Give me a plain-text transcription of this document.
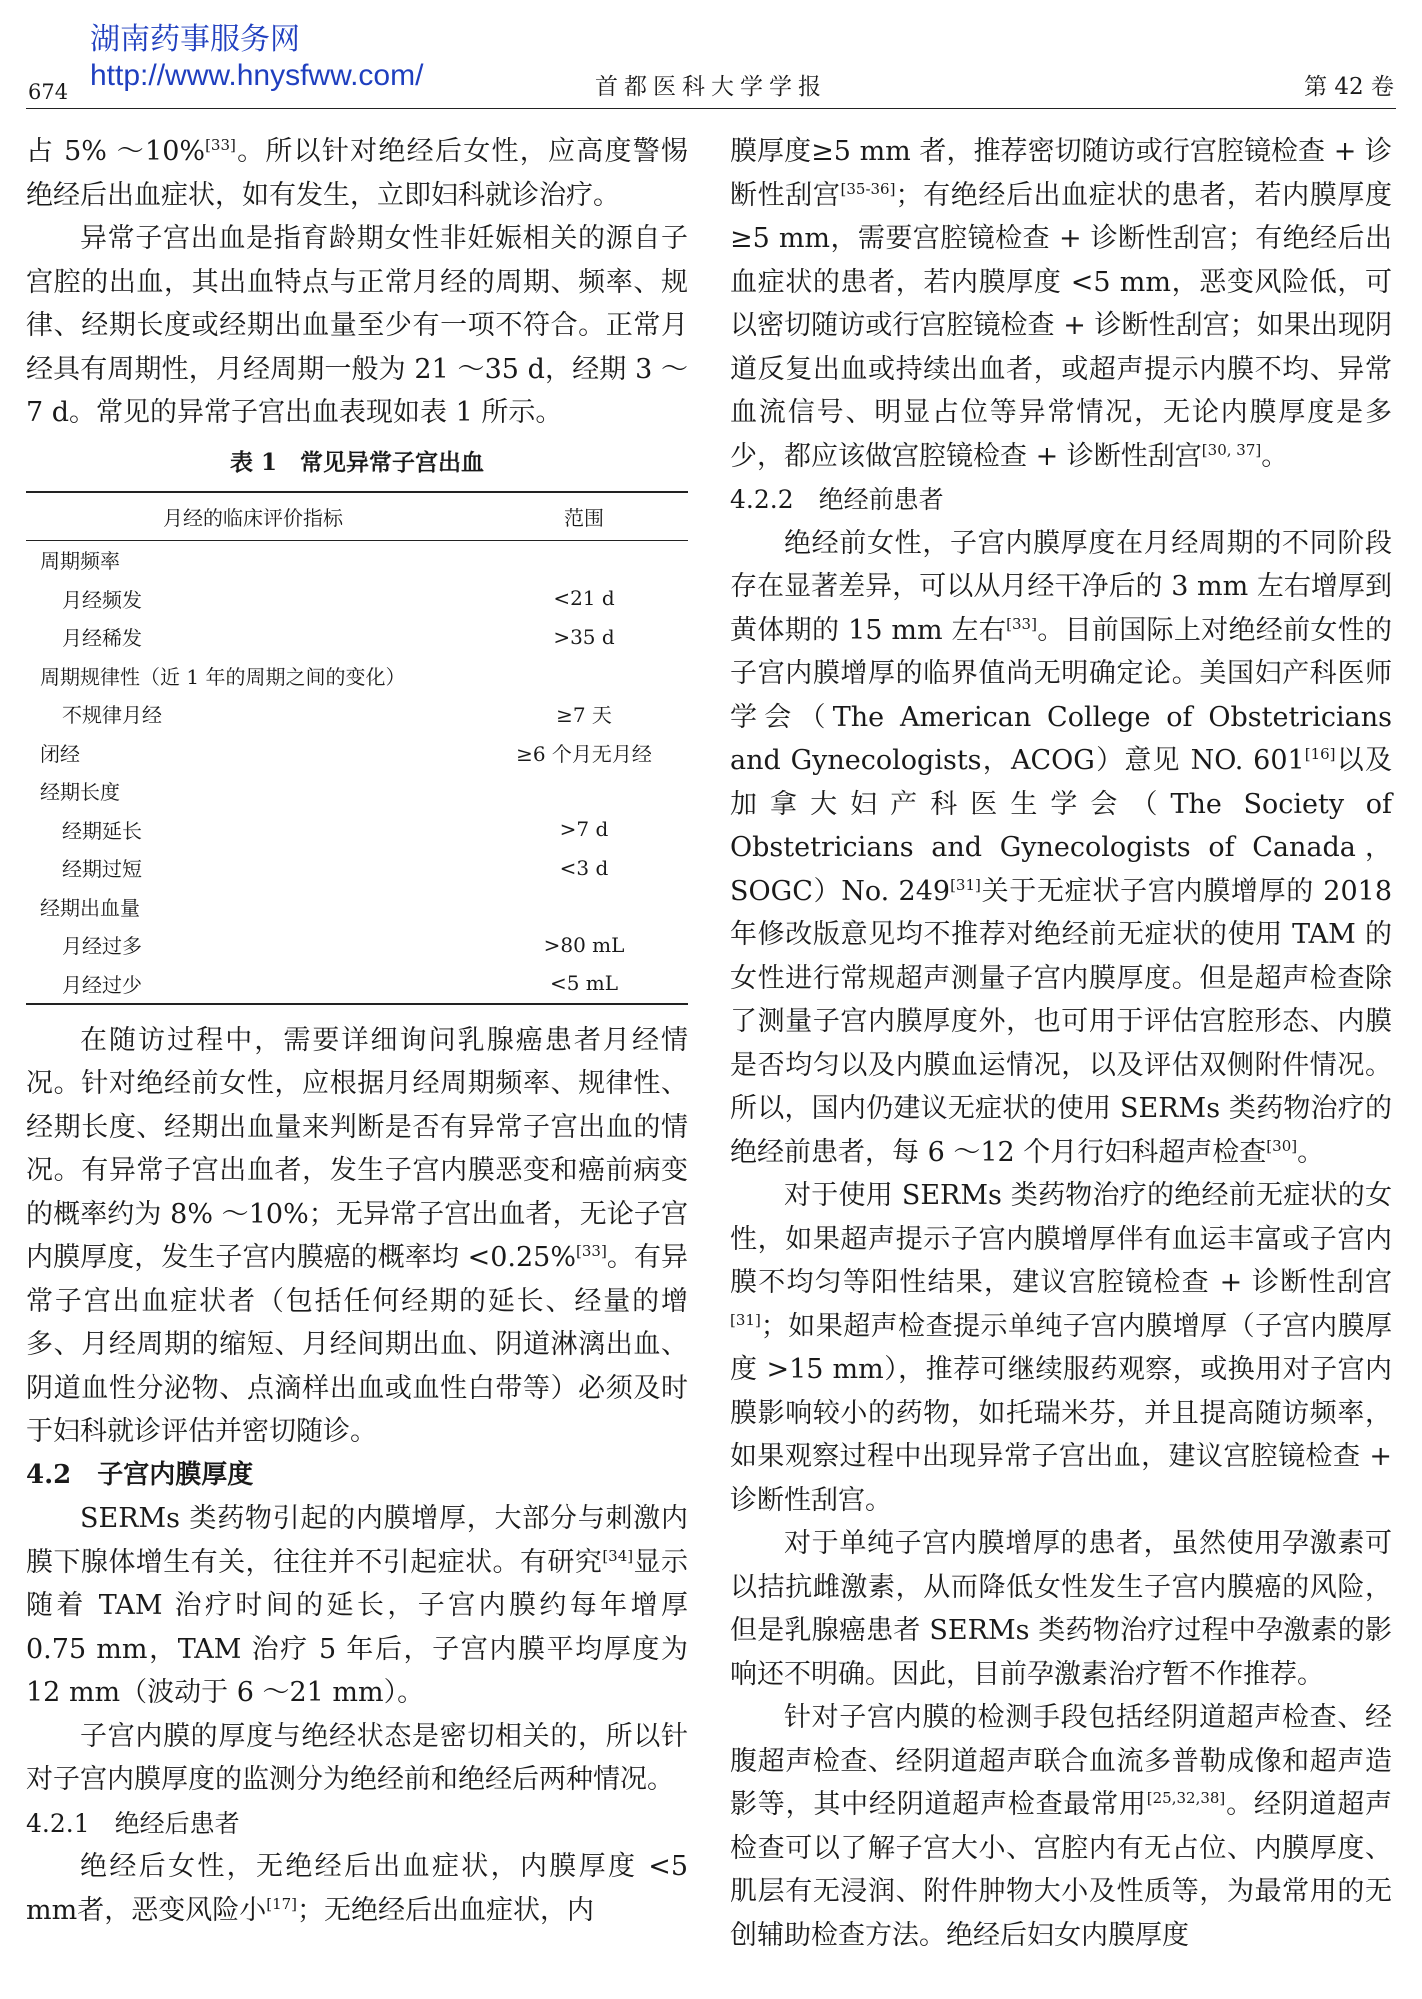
湖南药事服务网
http://www.hnysfww.com/
674	首都医科大学学报	第 42 卷

占 5% ～10%[33]。所以针对绝经后女性，应高度警惕绝经后出血症状，如有发生，立即妇科就诊治疗。

异常子宫出血是指育龄期女性非妊娠相关的源自子宫腔的出血，其出血特点与正常月经的周期、频率、规律、经期长度或经期出血量至少有一项不符合。正常月经具有周期性，月经周期一般为 21 ～35 d，经期 3 ～7 d。常见的异常子宫出血表现如表 1 所示。

表 1　常见异常子宫出血
月经的临床评价指标	范围
周期频率	
月经频发	<21 d
月经稀发	>35 d
周期规律性（近 1 年的周期之间的变化）	
不规律月经	≥7 天
闭经	≥6 个月无月经
经期长度	
经期延长	>7 d
经期过短	<3 d
经期出血量	
月经过多	>80 mL
月经过少	<5 mL

在随访过程中，需要详细询问乳腺癌患者月经情况。针对绝经前女性，应根据月经周期频率、规律性、经期长度、经期出血量来判断是否有异常子宫出血的情况。有异常子宫出血者，发生子宫内膜恶变和癌前病变的概率约为 8% ～10%；无异常子宫出血者，无论子宫内膜厚度，发生子宫内膜癌的概率均 <0.25%[33]。有异常子宫出血症状者（包括任何经期的延长、经量的增多、月经周期的缩短、月经间期出血、阴道淋漓出血、阴道血性分泌物、点滴样出血或血性白带等）必须及时于妇科就诊评估并密切随诊。

4.2　子宫内膜厚度

SERMs 类药物引起的内膜增厚，大部分与刺激内膜下腺体增生有关，往往并不引起症状。有研究[34]显示随着 TAM 治疗时间的延长，子宫内膜约每年增厚 0.75 mm，TAM 治疗 5 年后，子宫内膜平均厚度为 12 mm（波动于 6 ～21 mm）。

子宫内膜的厚度与绝经状态是密切相关的，所以针对子宫内膜厚度的监测分为绝经前和绝经后两种情况。

4.2.1　绝经后患者

绝经后女性，无绝经后出血症状，内膜厚度 <5 mm者，恶变风险小[17]；无绝经后出血症状，内

膜厚度≥5 mm 者，推荐密切随访或行宫腔镜检查 + 诊断性刮宫[35-36]；有绝经后出血症状的患者，若内膜厚度≥5 mm，需要宫腔镜检查 + 诊断性刮宫；有绝经后出血症状的患者，若内膜厚度 <5 mm，恶变风险低，可以密切随访或行宫腔镜检查 + 诊断性刮宫；如果出现阴道反复出血或持续出血者，或超声提示内膜不均、异常血流信号、明显占位等异常情况，无论内膜厚度是多少，都应该做宫腔镜检查 + 诊断性刮宫[30, 37]。

4.2.2　绝经前患者

绝经前女性，子宫内膜厚度在月经周期的不同阶段存在显著差异，可以从月经干净后的 3 mm 左右增厚到黄体期的 15 mm 左右[33]。目前国际上对绝经前女性的子宫内膜增厚的临界值尚无明确定论。美国妇产科医师学会（The American College of Obstetricians and Gynecologists，ACOG）意见 NO. 601[16]以及加拿大妇产科医生学会（The Society of Obstetricians and Gynecologists of Canada，SOGC）No. 249[31]关于无症状子宫内膜增厚的 2018 年修改版意见均不推荐对绝经前无症状的使用 TAM 的女性进行常规超声测量子宫内膜厚度。但是超声检查除了测量子宫内膜厚度外，也可用于评估宫腔形态、内膜是否均匀以及内膜血运情况，以及评估双侧附件情况。所以，国内仍建议无症状的使用 SERMs 类药物治疗的绝经前患者，每 6 ～12 个月行妇科超声检查[30]。

对于使用 SERMs 类药物治疗的绝经前无症状的女性，如果超声提示子宫内膜增厚伴有血运丰富或子宫内膜不均匀等阳性结果，建议宫腔镜检查 + 诊断性刮宫[31]；如果超声检查提示单纯子宫内膜增厚（子宫内膜厚度 >15 mm），推荐可继续服药观察，或换用对子宫内膜影响较小的药物，如托瑞米芬，并且提高随访频率，如果观察过程中出现异常子宫出血，建议宫腔镜检查 + 诊断性刮宫。

对于单纯子宫内膜增厚的患者，虽然使用孕激素可以拮抗雌激素，从而降低女性发生子宫内膜癌的风险，但是乳腺癌患者 SERMs 类药物治疗过程中孕激素的影响还不明确。因此，目前孕激素治疗暂不作推荐。

针对子宫内膜的检测手段包括经阴道超声检查、经腹超声检查、经阴道超声联合血流多普勒成像和超声造影等，其中经阴道超声检查最常用[25,32,38]。经阴道超声检查可以了解子宫大小、宫腔内有无占位、内膜厚度、肌层有无浸润、附件肿物大小及性质等，为最常用的无创辅助检查方法。绝经后妇女内膜厚度
